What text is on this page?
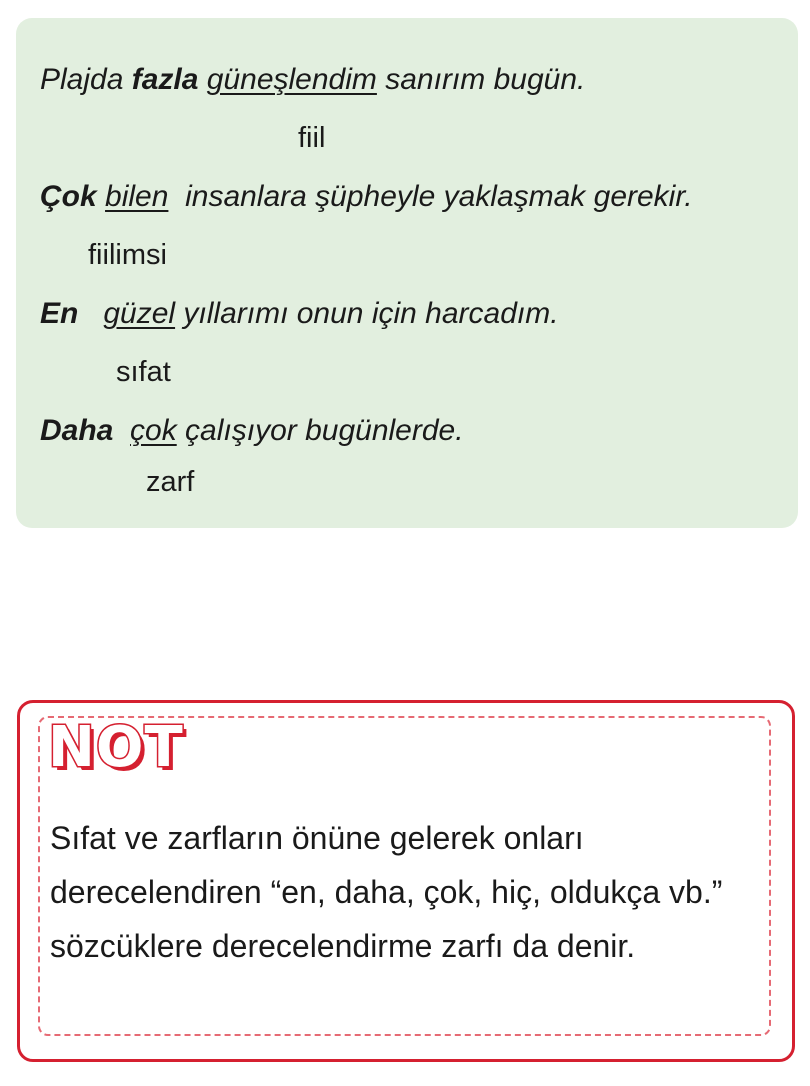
Plajda fazla güneşlendim sanırım bugün.
fiil
Çok bilen  insanlara şüpheyle yaklaşmak gerekir.
fiilimsi
En güzel yıllarımı onun için harcadım.
sıfat
Daha çok çalışıyor bugünlerde.
zarf
NOT
Sıfat ve zarfların önüne gelerek onları derecelendiren “en, daha, çok, hiç, oldukça vb.” sözcüklere derecelendirme zarfı da denir.
